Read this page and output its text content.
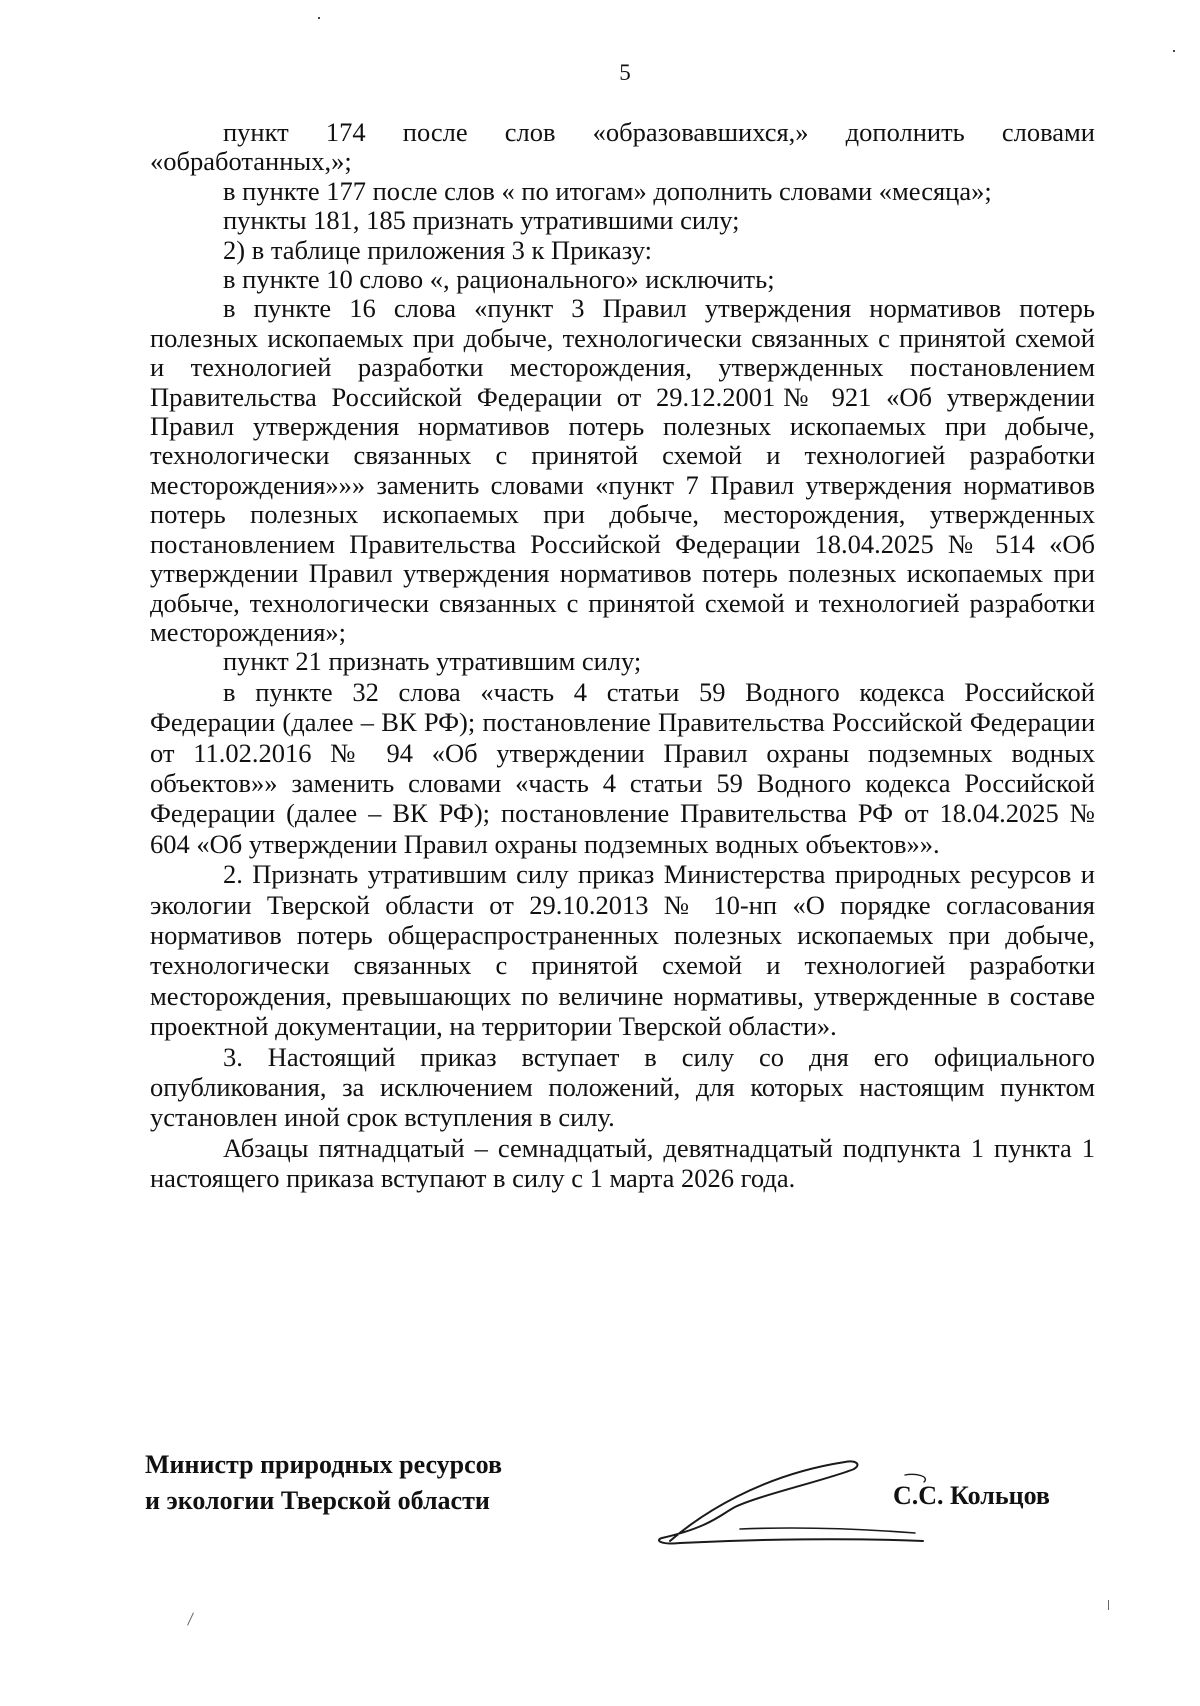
5

пункт 174 после слов «образовавшихся,» дополнить словами «обработанных,»;

в пункте 177 после слов « по итогам» дополнить словами «месяца»;

пункты 181, 185 признать утратившими силу;

2) в таблице приложения 3 к Приказу:

в пункте 10 слово «, рационального» исключить;

в пункте 16 слова «пункт 3 Правил утверждения нормативов потерь полезных ископаемых при добыче, технологически связанных с принятой схемой и технологией разработки месторождения, утвержденных постановлением Правительства Российской Федерации от 29.12.2001№ 921 «Об утверждении Правил утверждения нормативов потерь полезных ископаемых при добыче, технологически связанных с принятой схемой и технологией разработки месторождения»»» заменить словами «пункт 7 Правил утверждения нормативов потерь полезных ископаемых при добыче, месторождения, утвержденных постановлением Правительства Российской Федерации 18.04.2025 № 514 «Об утверждении Правил утверждения нормативов потерь полезных ископаемых при добыче, технологически связанных с принятой схемой и технологией разработки месторождения»;

пункт 21 признать утратившим силу;

в пункте 32 слова «часть 4 статьи 59 Водного кодекса Российской Федерации (далее – ВК РФ); постановление Правительства Российской Федерации от 11.02.2016 № 94 «Об утверждении Правил охраны подземных водных объектов»» заменить словами «часть 4 статьи 59 Водного кодекса Российской Федерации (далее – ВК РФ); постановление Правительства РФ от 18.04.2025 № 604 «Об утверждении Правил охраны подземных водных объектов»».

2. Признать утратившим силу приказ Министерства природных ресурсов и экологии Тверской области от 29.10.2013 № 10-нп «О порядке согласования нормативов потерь общераспространенных полезных ископаемых при добыче, технологически связанных с принятой схемой и технологией разработки месторождения, превышающих по величине нормативы, утвержденные в составе проектной документации, на территории Тверской области».

3. Настоящий приказ вступает в силу со дня его официального опубликования, за исключением положений, для которых настоящим пунктом установлен иной срок вступления в силу.

Абзацы пятнадцатый – семнадцатый, девятнадцатый подпункта 1 пункта 1 настоящего приказа вступают в силу с 1 марта 2026 года.

Министр природных ресурсов
и экологии Тверской области	С.С. Кольцов
